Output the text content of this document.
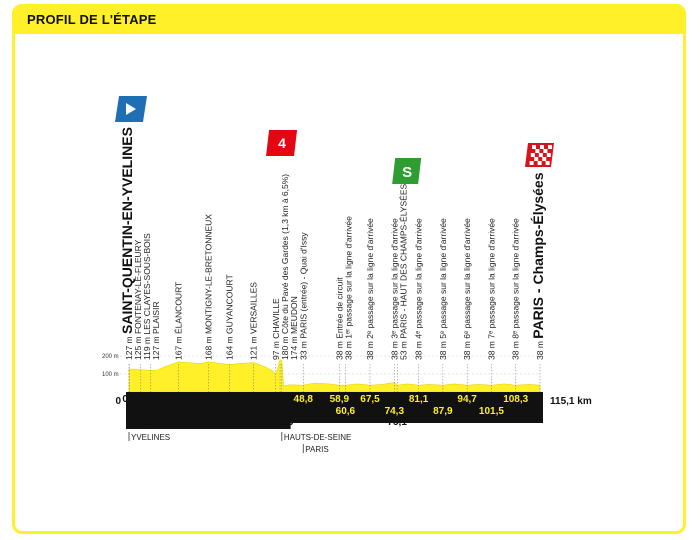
PROFIL DE L'ÉTAPE
200 m
100 m
127 m SAINT-QUENTIN-EN-YVELINES
125 m FONTENAY-LE-FLEURY 119 m LES CLAYES-SOUS-BOIS 127 m PLAISIR 167 m ÉLANCOURT 168 m MONTIGNY-LE-BRETONNEUX 164 m GUYANCOURT 121 m VERSAILLES 97 m CHAVILLE 180 m Côte du Pavé des Gardes (1,3 km à 6,5%) 174 m MEUDON 33 m PARIS (entrée) - Quai d'Issy	38 m Entrée de circuit 38 m 1ᵉʳ passage sur la ligne d'arrivée 38 m 2ᵉ passage sur la ligne d'arrivée 38 m 3ᵉ passage sur la ligne d'arrivée 53 m PARIS - HAUT DES CHAMPS-ÉLYSÉES 38 m 4ᵉ passage sur la ligne d'arrivée 38 m 5ᵉ passage sur la ligne d'arrivée 38 m 6ᵉ passage sur la ligne d'arrivée 38 m 7ᵉ passage sur la ligne d'arrivée 38 m 8ᵉ passage sur la ligne d'arrivée	38 m PARIS - Champs-Élysées
0,1
3,3
6,1
13,9
22,2
28,1
34,9
41,1
42,8
43,3
48,8 58,9
60,6
67,5
74,3
75,1
81,1
87,9
94,7
101,5
108,3
0	115,1 km
YVELINES	HAUTS-DE-SEINE
PARIS
4
S
